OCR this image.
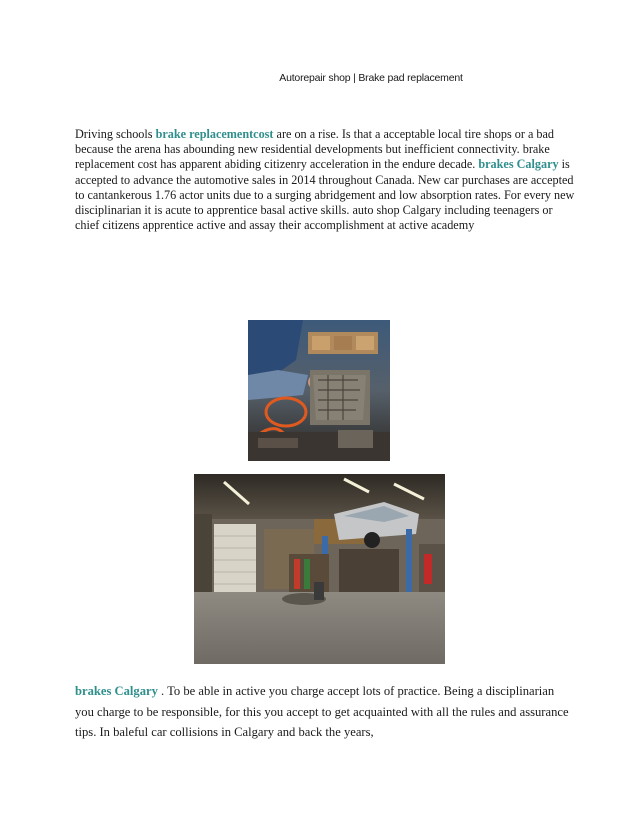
Autorepair shop | Brake pad replacement

Driving schools brake replacementcost are on a rise. Is that a acceptable local tire shops or a bad because the arena has abounding new residential developments but inefficient connectivity. brake replacement cost has apparent abiding citizenry acceleration in the endure decade. brakes Calgary is accepted to advance the automotive sales in 2014 throughout Canada. New car purchases are accepted to cantankerous 1.76 actor units due to a surging abridgement and low absorption rates. For every new disciplinarian it is acute to apprentice basal active skills. auto shop Calgary including teenagers or chief citizens apprentice active and assay their accomplishment at active academy

brakes Calgary . To be able in active you charge accept lots of practice. Being a disciplinarian you charge to be responsible, for this you accept to get acquainted with all the rules and assurance tips. In baleful car collisions in Calgary and back the years,
